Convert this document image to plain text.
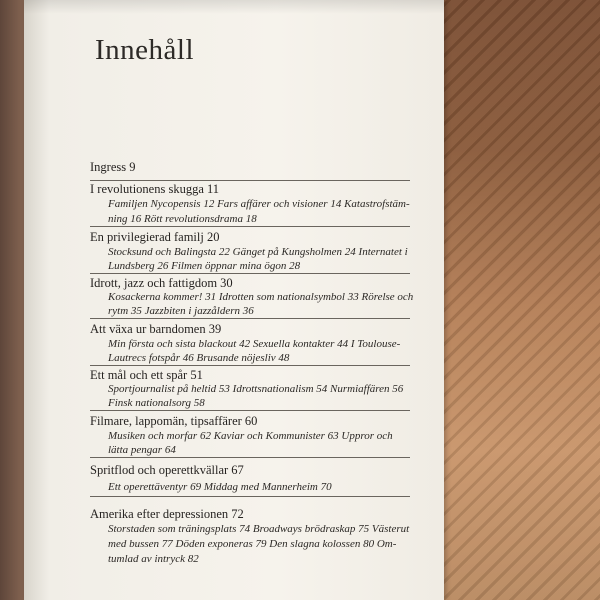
Innehåll
Ingress 9
I revolutionens skugga 11
Familjen Nycopensis 12 Fars affärer och visioner 14 Katastrofstäm-
ning 16 Rött revolutionsdrama 18
En privilegierad familj 20
Stocksund och Balingsta 22 Gänget på Kungsholmen 24 Internatet i
Lundsberg 26 Filmen öppnar mina ögon 28
Idrott, jazz och fattigdom 30
Kosackerna kommer! 31 Idrotten som nationalsymbol 33 Rörelse och
rytm 35 Jazzbiten i jazzåldern 36
Att växa ur barndomen 39
Min första och sista blackout 42 Sexuella kontakter 44 I Toulouse-
Lautrecs fotspår 46 Brusande nöjesliv 48
Ett mål och ett spår 51
Sportjournalist på heltid 53 Idrottsnationalism 54 Nurmiaffären 56
Finsk nationalsorg 58
Filmare, lappomän, tipsaffärer 60
Musiken och morfar 62 Kaviar och Kommunister 63 Uppror och
lätta pengar 64
Spritflod och operettkvällar 67
Ett operettäventyr 69 Middag med Mannerheim 70
Amerika efter depressionen 72
Storstaden som träningsplats 74 Broadways brödraskap 75 Västerut
med bussen 77 Döden exponeras 79 Den slagna kolossen 80 Om-
tumlad av intryck 82
